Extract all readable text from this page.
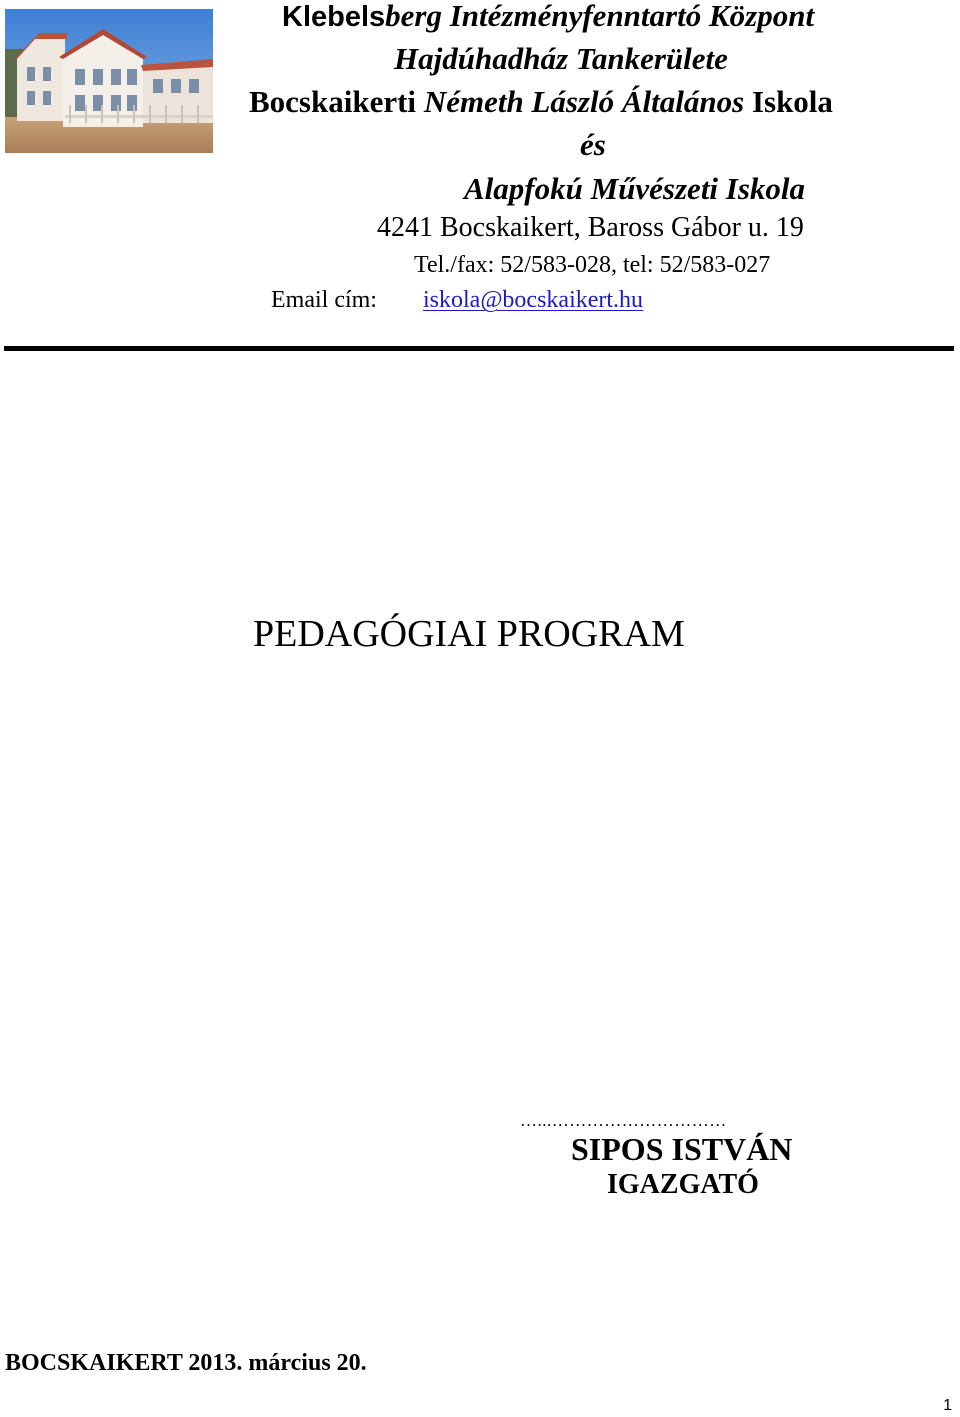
Klebelsberg Intézményfenntartó Központ
Hajdúhadház Tankerülete
Bocskaikerti Németh László Általános Iskola
és
Alapfokú Művészeti Iskola
4241 Bocskaikert, Baross Gábor u. 19
Tel./fax: 52/583-028, tel: 52/583-027
Email cím: iskola@bocskaikert.hu
PEDAGÓGIAI PROGRAM
…...…………………………
SIPOS ISTVÁN
IGAZGATÓ
BOCSKAIKERT 2013. március 20.
1
